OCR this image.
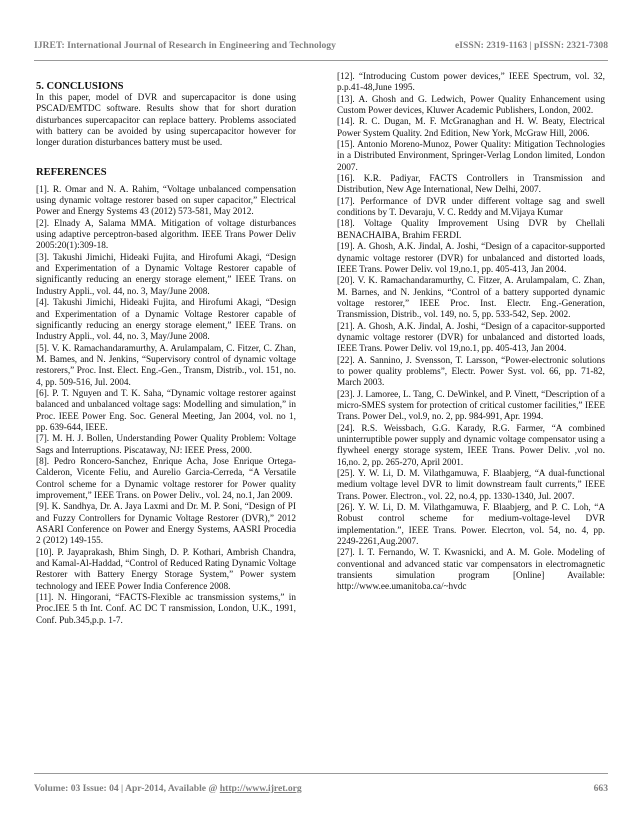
IJRET: International Journal of Research in Engineering and Technology	eISSN: 2319-1163 | pISSN: 2321-7308
5. CONCLUSIONS

In this paper, model of DVR and supercapacitor is done using PSCAD/EMTDC software. Results show that for short duration disturbances supercapacitor can replace battery. Problems associated with battery can be avoided by using supercapacitor however for longer duration disturbances battery must be used.

REFERENCES

[1]. R. Omar and N. A. Rahim, “Voltage unbalanced compensation using dynamic voltage restorer based on super capacitor,” Electrical Power and Energy Systems 43 (2012) 573-581, May 2012.

[2]. Elnady A, Salama MMA. Mitigation of voltage disturbances using adaptive perceptron-based algorithm. IEEE Trans Power Deliv 2005:20(1):309-18.

[3]. Takushi Jimichi, Hideaki Fujita, and Hirofumi Akagi, “Design and Experimentation of a Dynamic Voltage Restorer capable of significantly reducing an energy storage element,” IEEE Trans. on Industry Appli., vol. 44, no. 3, May/June 2008.

[4]. Takushi Jimichi, Hideaki Fujita, and Hirofumi Akagi, “Design and Experimentation of a Dynamic Voltage Restorer capable of significantly reducing an energy storage element,” IEEE Trans. on Industry Appli., vol. 44, no. 3, May/June 2008.

[5]. V. K. Ramachandaramurthy, A. Arulampalam, C. Fitzer, C. Zhan, M. Bames, and N. Jenkins, “Supervisory control of dynamic voltage restorers,” Proc. Inst. Elect. Eng.-Gen., Transm, Distrib., vol. 151, no. 4, pp. 509-516, Jul. 2004.

[6]. P. T. Nguyen and T. K. Saha, “Dynamic voltage restorer against balanced and unbalanced voltage sags: Modelling and simulation,” in Proc. IEEE Power Eng. Soc. General Meeting, Jan 2004, vol. no 1, pp. 639-644, IEEE.

[7]. M. H. J. Bollen, Understanding Power Quality Problem: Voltage Sags and Interruptions. Piscataway, NJ: IEEE Press, 2000.

[8]. Pedro Roncero-Sanchez, Enrique Acha, Jose Enrique Ortega-Calderon, Vicente Feliu, and Aurelio Garcia-Cerreda, “A Versatile Control scheme for a Dynamic voltage restorer for Power quality improvement,” IEEE Trans. on Power Deliv., vol. 24, no.1, Jan 2009.

[9]. K. Sandhya, Dr. A. Jaya Laxmi and Dr. M. P. Soni, “Design of PI and Fuzzy Controllers for Dynamic Voltage Restorer (DVR),” 2012 ASARI Conference on Power and Energy Systems, AASRI Procedia 2 (2012) 149-155.

[10]. P. Jayaprakash, Bhim Singh, D. P. Kothari, Ambrish Chandra, and Kamal-Al-Haddad, “Control of Reduced Rating Dynamic Voltage Restorer with Battery Energy Storage System,” Power system technology and IEEE Power India Conference 2008.

[11]. N. Hingorani, “FACTS-Flexible ac transmission systems,” in Proc.IEE 5 th Int. Conf. AC DC T ransmission, London, U.K., 1991, Conf. Pub.345,p.p. 1-7.

[12]. “Introducing Custom power devices,” IEEE Spectrum, vol. 32, p.p.41-48,June 1995.

[13]. A. Ghosh and G. Ledwich, Power Quality Enhancement using Custom Power devices, Kluwer Academic Publishers, London, 2002.

[14]. R. C. Dugan, M. F. McGranaghan and H. W. Beaty, Electrical Power System Quality. 2nd Edition, New York, McGraw Hill, 2006.

[15]. Antonio Moreno-Munoz, Power Quality: Mitigation Technologies in a Distributed Environment, Springer-Verlag London limited, London 2007.

[16]. K.R. Padiyar, FACTS Controllers in Transmission and Distribution, New Age International, New Delhi, 2007.

[17]. Performance of DVR under different voltage sag and swell conditions by T. Devaraju, V. C. Reddy and M.Vijaya Kumar

[18]. Voltage Quality Improvement Using DVR by Chellali BENACHAIBA, Brahim FERDI.

[19]. A. Ghosh, A.K. Jindal, A. Joshi, “Design of a capacitor-supported dynamic voltage restorer (DVR) for unbalanced and distorted loads, IEEE Trans. Power Deliv. vol 19,no.1, pp. 405-413, Jan 2004.

[20]. V. K. Ramachandaramurthy, C. Fitzer, A. Arulampalam, C. Zhan, M. Barnes, and N. Jenkins, “Control of a battery supported dynamic voltage restorer,” IEEE Proc. Inst. Electr. Eng.-Generation, Transmission, Distrib., vol. 149, no. 5, pp. 533-542, Sep. 2002.

[21]. A. Ghosh, A.K. Jindal, A. Joshi, “Design of a capacitor-supported dynamic voltage restorer (DVR) for unbalanced and distorted loads, IEEE Trans. Power Deliv. vol 19,no.1, pp. 405-413, Jan 2004.

[22]. A. Sannino, J. Svensson, T. Larsson, “Power-electronic solutions to power quality problems”, Electr. Power Syst. vol. 66, pp. 71-82, March 2003.

[23]. J. Lamoree, L. Tang, C. DeWinkel, and P. Vinett, “Description of a micro-SMES system for protection of critical customer facilities,” IEEE Trans. Power Del., vol.9, no. 2, pp. 984-991, Apr. 1994.

[24]. R.S. Weissbach, G.G. Karady, R.G. Farmer, “A combined uninterruptible power supply and dynamic voltage compensator using a flywheel energy storage system, IEEE Trans. Power Deliv. ,vol no. 16,no. 2, pp. 265-270, April 2001.

[25]. Y. W. Li, D. M. Vilathgamuwa, F. Blaabjerg, “A dual-functional medium voltage level DVR to limit downstream fault currents,” IEEE Trans. Power. Electron., vol. 22, no.4, pp. 1330-1340, Jul. 2007.

[26]. Y. W. Li, D. M. Vilathgamuwa, F. Blaabjerg, and P. C. Loh, “A Robust control scheme for medium-voltage-level DVR implementation.”, IEEE Trans. Power. Elecrton, vol. 54, no. 4, pp. 2249-2261,Aug.2007.

[27]. I. T. Fernando, W. T. Kwasnicki, and A. M. Gole. Modeling of conventional and advanced static var compensators in electromagnetic transients simulation program [Online] Available: http://www.ee.umanitoba.ca/~hvdc

Volume: 03 Issue: 04 | Apr-2014, Available @ http://www.ijret.org	663
